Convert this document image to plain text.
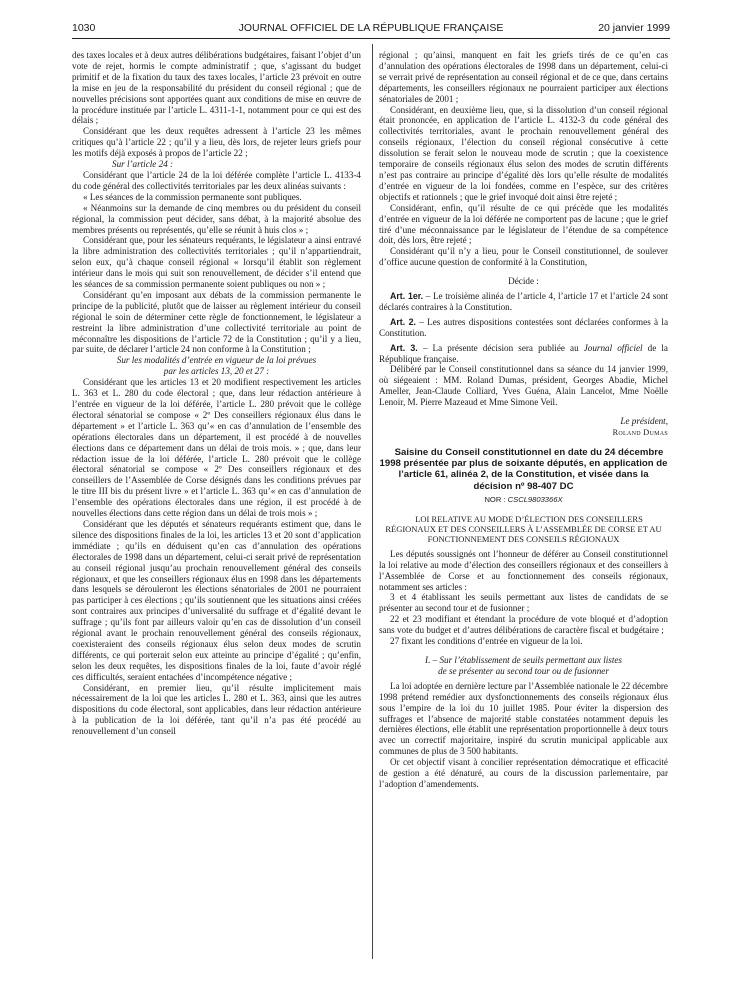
1030	JOURNAL OFFICIEL DE LA RÉPUBLIQUE FRANÇAISE	20 janvier 1999

des taxes locales et à deux autres délibérations budgétaires, faisant l’objet d’un vote de rejet, hormis le compte administratif ; que, s’agissant du budget primitif et de la fixation du taux des taxes locales, l’article 23 prévoit en outre la mise en jeu de la responsabilité du président du conseil régional ; que de nouvelles précisions sont apportées quant aux conditions de mise en œuvre de la procédure instituée par l’article L. 4311-1-1, notamment pour ce qui est des délais ;

Considérant que les deux requêtes adressent à l’article 23 les mêmes critiques qu’à l’article 22 ; qu’il y a lieu, dès lors, de rejeter leurs griefs pour les motifs déjà exposés à propos de l’article 22 ;

Sur l’article 24 :

Considérant que l’article 24 de la loi déférée complète l’article L. 4133-4 du code général des collectivités territoriales par les deux alinéas suivants :

« Les séances de la commission permanente sont publiques.

« Néanmoins sur la demande de cinq membres ou du président du conseil régional, la commission peut décider, sans débat, à la majorité absolue des membres présents ou représentés, qu’elle se réunit à huis clos » ;

Considérant que, pour les sénateurs requérants, le législateur a ainsi entravé la libre administration des collectivités territoriales ; qu’il n’appartiendrait, selon eux, qu’à chaque conseil régional « lorsqu’il établit son règlement intérieur dans le mois qui suit son renouvellement, de décider s’il entend que les séances de sa commission permanente soient publiques ou non » ;

Considérant qu’en imposant aux débats de la commission permanente le principe de la publicité, plutôt que de laisser au règlement intérieur du conseil régional le soin de déterminer cette règle de fonctionnement, le législateur a restreint la libre administration d’une collectivité territoriale au point de méconnaître les dispositions de l’article 72 de la Constitution ; qu’il y a lieu, par suite, de déclarer l’article 24 non conforme à la Constitution ;

Sur les modalités d’entrée en vigueur de la loi prévues

par les articles 13, 20 et 27 :

Considérant que les articles 13 et 20 modifient respectivement les articles L. 363 et L. 280 du code électoral ; que, dans leur rédaction antérieure à l’entrée en vigueur de la loi déférée, l’article L. 280 prévoit que le collège électoral sénatorial se compose « 2º Des conseillers régionaux élus dans le département » et l’article L. 363 qu’« en cas d’annulation de l’ensemble des opérations électorales dans un département, il est procédé à de nouvelles élections dans ce département dans un délai de trois mois. » ; que, dans leur rédaction issue de la loi déférée, l’article L. 280 prévoit que le collège électoral sénatorial se compose « 2º Des conseillers régionaux et des conseillers de l’Assemblée de Corse désignés dans les conditions prévues par le titre III bis du présent livre » et l’article L. 363 qu’« en cas d’annulation de l’ensemble des opérations électorales dans une région, il est procédé à de nouvelles élections dans cette région dans un délai de trois mois » ;

Considérant que les députés et sénateurs requérants estiment que, dans le silence des dispositions finales de la loi, les articles 13 et 20 sont d’application immédiate ; qu’ils en déduisent qu’en cas d’annulation des opérations électorales de 1998 dans un département, celui-ci serait privé de représentation au conseil régional jusqu’au prochain renouvellement général des conseils régionaux, et que les conseillers régionaux élus en 1998 dans les départements dans lesquels se dérouleront les élections sénatoriales de 2001 ne pourraient pas participer à ces élections ; qu’ils soutiennent que les situations ainsi créées sont contraires aux principes d’universalité du suffrage et d’égalité devant le suffrage ; qu’ils font par ailleurs valoir qu’en cas de dissolution d’un conseil régional avant le prochain renouvellement général des conseils régionaux, coexisteraient des conseils régionaux élus selon deux modes de scrutin différents, ce qui porterait selon eux atteinte au principe d’égalité ; qu’enfin, selon les deux requêtes, les dispositions finales de la loi, faute d’avoir réglé ces difficultés, seraient entachées d’incompétence négative ;

Considérant, en premier lieu, qu’il résulte implicitement mais nécessairement de la loi que les articles L. 280 et L. 363, ainsi que les autres dispositions du code électoral, sont applicables, dans leur rédaction antérieure à la publication de la loi déférée, tant qu’il n’a pas été procédé au renouvellement d’un conseil

régional ; qu’ainsi, manquent en fait les griefs tirés de ce qu’en cas d’annulation des opérations électorales de 1998 dans un département, celui-ci se verrait privé de représentation au conseil régional et de ce que, dans certains départements, les conseillers régionaux ne pourraient participer aux élections sénatoriales de 2001 ;

Considérant, en deuxième lieu, que, si la dissolution d’un conseil régional était prononcée, en application de l’article L. 4132-3 du code général des collectivités territoriales, avant le prochain renouvellement général des conseils régionaux, l’élection du conseil régional consécutive à cette dissolution se ferait selon le nouveau mode de scrutin ; que la coexistence temporaire de conseils régionaux élus selon des modes de scrutin différents n’est pas contraire au principe d’égalité dès lors qu’elle résulte de modalités d’entrée en vigueur de la loi fondées, comme en l’espèce, sur des critères objectifs et rationnels ; que le grief invoqué doit ainsi être rejeté ;

Considérant, enfin, qu’il résulte de ce qui précède que les modalités d’entrée en vigueur de la loi déférée ne comportent pas de lacune ; que le grief tiré d’une méconnaissance par le législateur de l’étendue de sa compétence doit, dès lors, être rejeté ;

Considérant qu’il n’y a lieu, pour le Conseil constitutionnel, de soulever d’office aucune question de conformité à la Constitution,

Décide :

Art. 1er. – Le troisième alinéa de l’article 4, l’article 17 et l’article 24 sont déclarés contraires à la Constitution.

Art. 2. – Les autres dispositions contestées sont déclarées conformes à la Constitution.

Art. 3. – La présente décision sera publiée au Journal officiel de la République française.

Délibéré par le Conseil constitutionnel dans sa séance du 14 janvier 1999, où siégeaient : MM. Roland Dumas, président, Georges Abadie, Michel Ameller, Jean-Claude Colliard, Yves Guéna, Alain Lancelot, Mme Noëlle Lenoir, M. Pierre Mazeaud et Mme Simone Veil.

Le président,

Roland Dumas

Saisine du Conseil constitutionnel en date du 24 décembre 1998 présentée par plus de soixante députés, en application de l’article 61, alinéa 2, de la Constitution, et visée dans la décision nº 98-407 DC

NOR : CSCL9803366X

LOI RELATIVE AU MODE D’ÉLECTION DES CONSEILLERS RÉGIONAUX ET DES CONSEILLERS À L’ASSEMBLÉE DE CORSE ET AU FONCTIONNEMENT DES CONSEILS RÉGIONAUX

Les députés soussignés ont l’honneur de déférer au Conseil constitutionnel la loi relative au mode d’élection des conseillers régionaux et des conseillers à l’Assemblée de Corse et au fonctionnement des conseils régionaux, notamment ses articles :

3 et 4 établissant les seuils permettant aux listes de candidats de se présenter au second tour et de fusionner ;

22 et 23 modifiant et étendant la procédure de vote bloqué et d’adoption sans vote du budget et d’autres délibérations de caractère fiscal et budgétaire ;

27 fixant les conditions d’entrée en vigueur de la loi.

I. – Sur l’établissement de seuils permettant aux listes

de se présenter au second tour ou de fusionner

La loi adoptée en dernière lecture par l’Assemblée nationale le 22 décembre 1998 prétend remédier aux dysfonctionnements des conseils régionaux élus sous l’empire de la loi du 10 juillet 1985. Pour éviter la dispersion des suffrages et l’absence de majorité stable constatées notamment depuis les dernières élections, elle établit une représentation proportionnelle à deux tours avec un correctif majoritaire, inspiré du scrutin municipal applicable aux communes de plus de 3 500 habitants.

Or cet objectif visant à concilier représentation démocratique et efficacité de gestion a été dénaturé, au cours de la discussion parlementaire, par l’adoption d’amendements.
